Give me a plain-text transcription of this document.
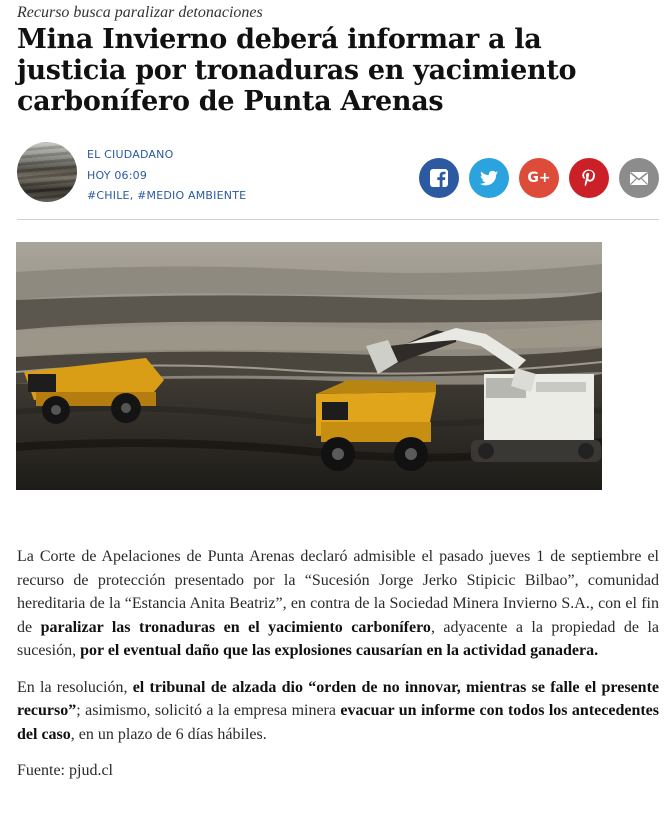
Recurso busca paralizar detonaciones
Mina Invierno deberá informar a la justicia por tronaduras en yacimiento carbonífero de Punta Arenas
EL CIUDADANO
HOY 06:09
#CHILE, #MEDIO AMBIENTE
G+

La Corte de Apelaciones de Punta Arenas declaró admisible el pasado jueves 1 de septiembre el recurso de protección presentado por la “Sucesión Jorge Jerko Stipicic Bilbao”, comunidad hereditaria de la “Estancia Anita Beatriz”, en contra de la Sociedad Minera Invierno S.A., con el fin de paralizar las tronaduras en el yacimiento carbonífero, adyacente a la propiedad de la sucesión, por el eventual daño que las explosiones causarían en la actividad ganadera.

En la resolución, el tribunal de alzada dio “orden de no innovar, mientras se falle el presente recurso”; asimismo, solicitó a la empresa minera evacuar un informe con todos los antecedentes del caso, en un plazo de 6 días hábiles.

Fuente: pjud.cl
